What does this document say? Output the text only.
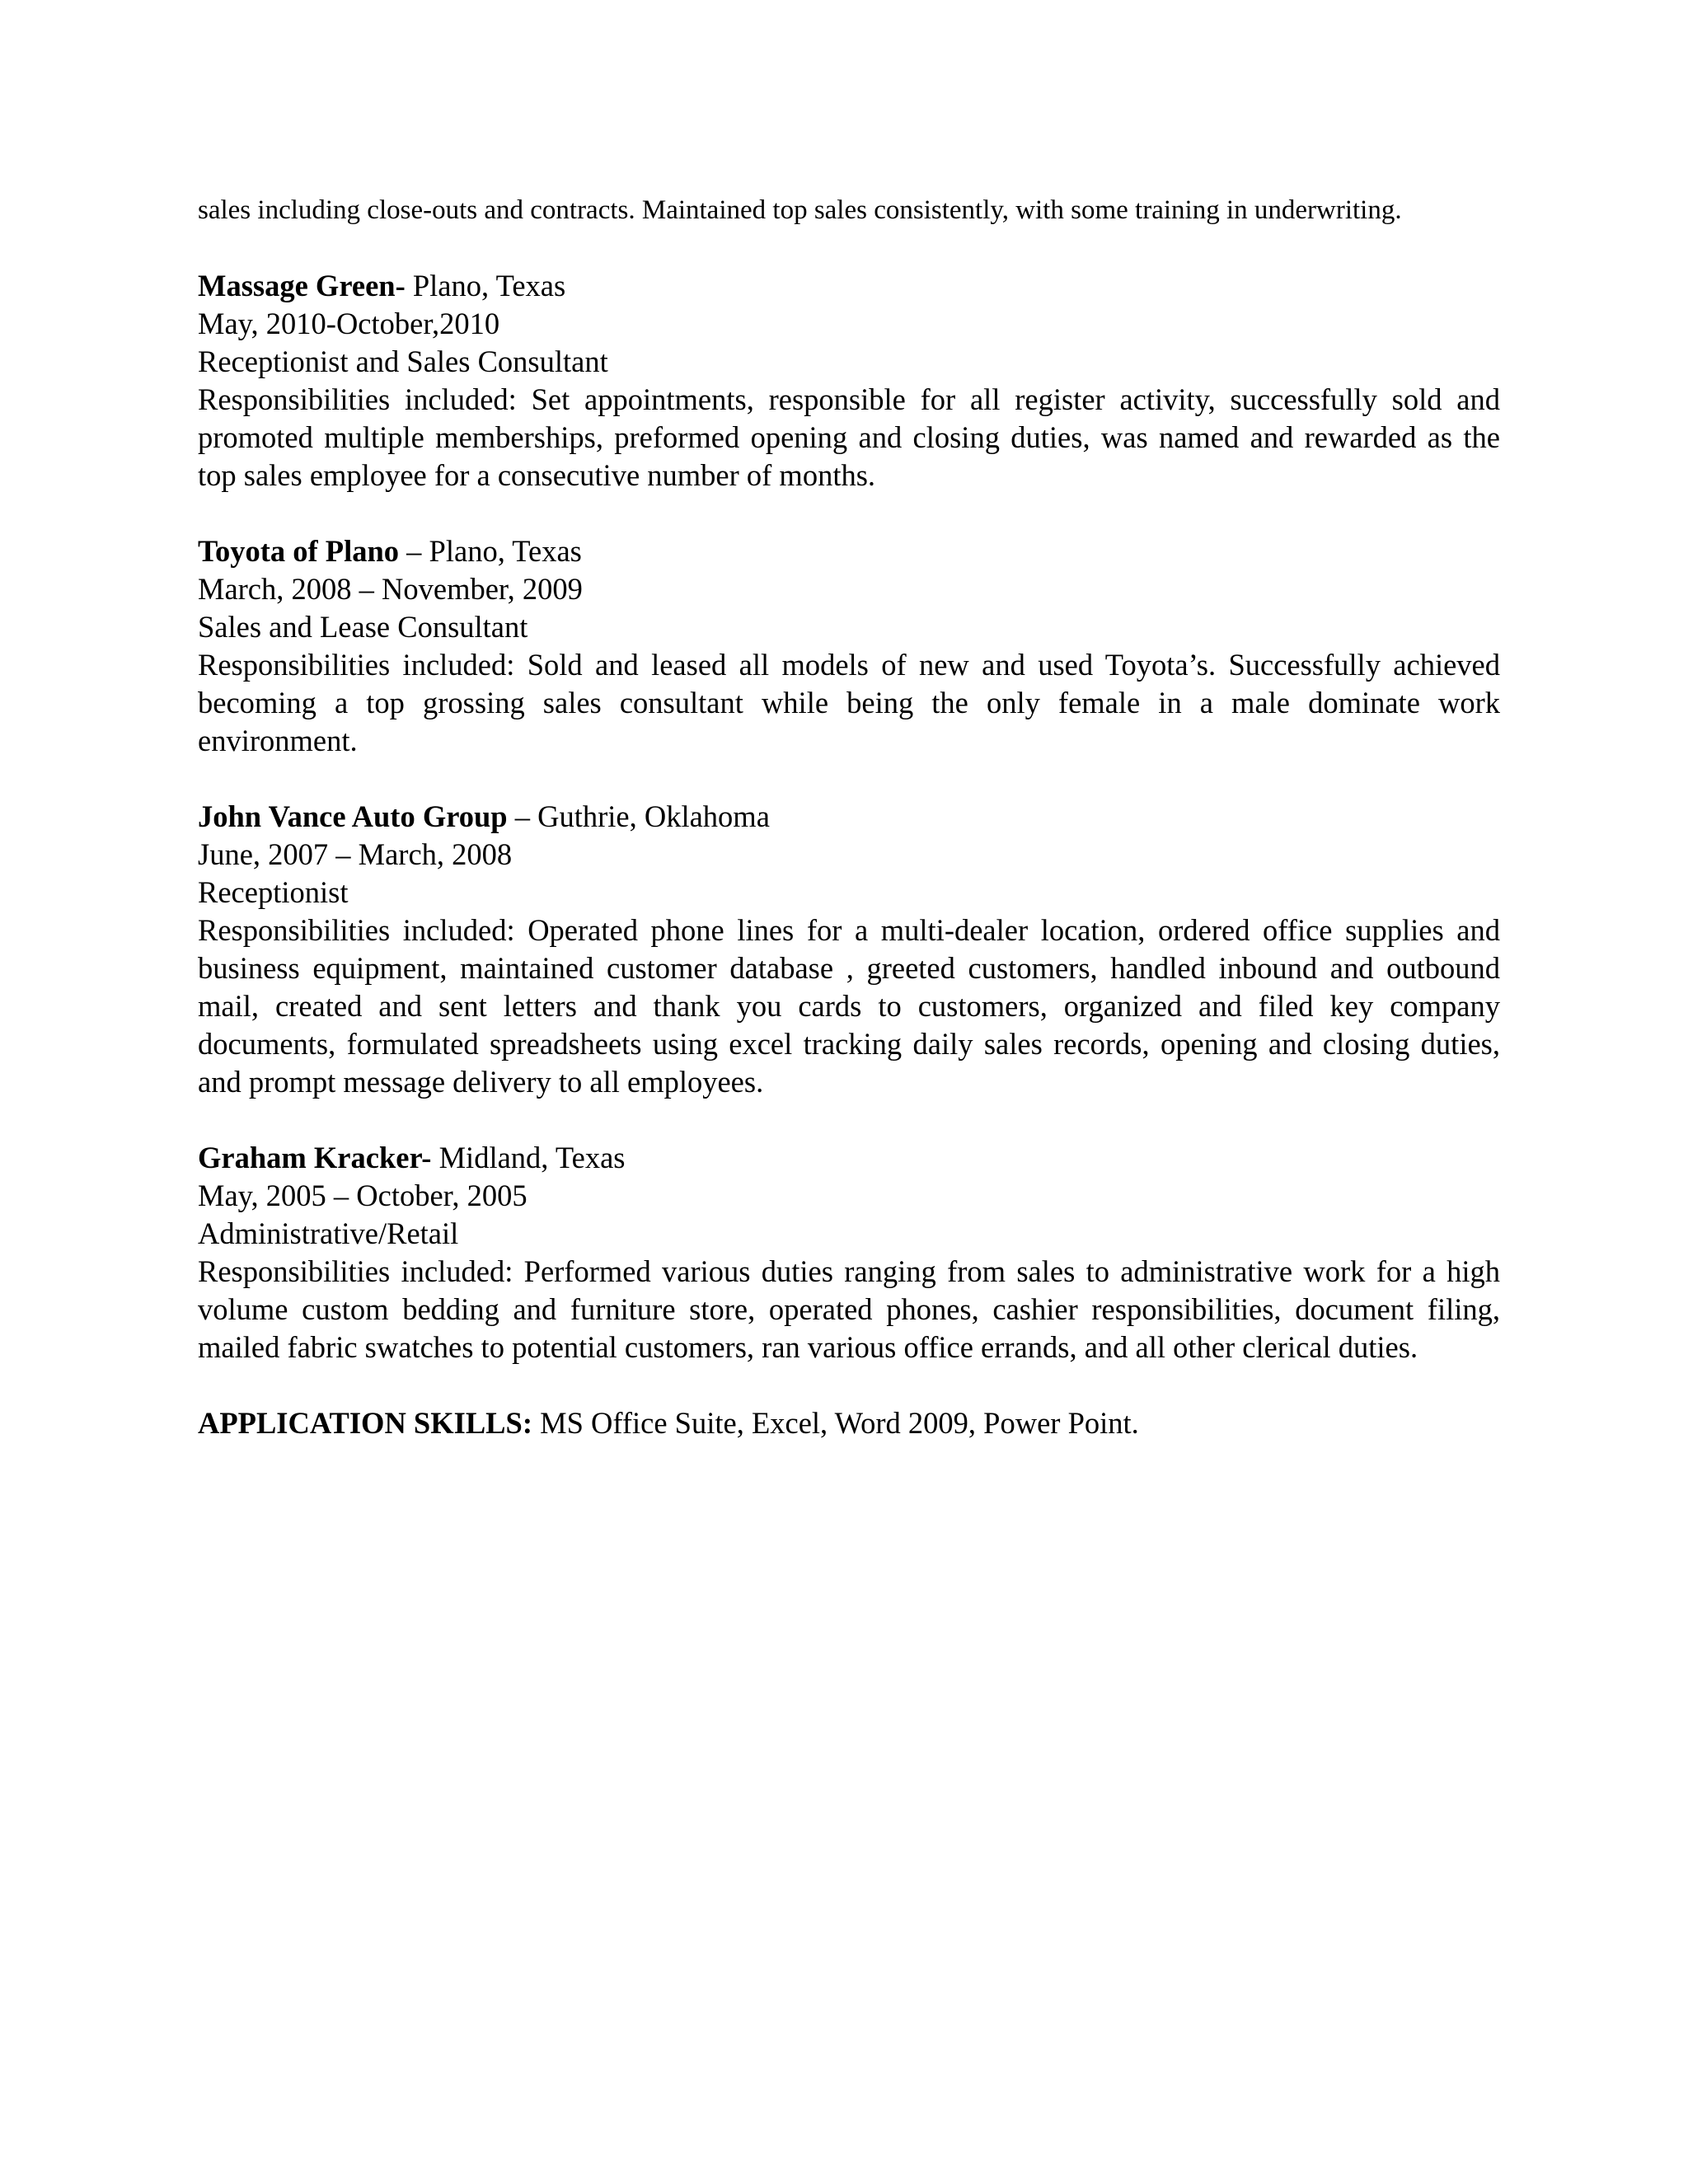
sales including close-outs and contracts. Maintained top sales consistently, with some training in underwriting.

Massage Green- Plano, Texas

May, 2010-October,2010

Receptionist and Sales Consultant

Responsibilities included: Set appointments, responsible for all register activity, successfully sold and promoted multiple memberships, preformed opening and closing duties, was named and rewarded as the top sales employee for a consecutive number of months.

Toyota of Plano – Plano, Texas

March, 2008 – November, 2009

Sales and Lease Consultant

Responsibilities included: Sold and leased all models of new and used Toyota’s. Successfully achieved becoming a top grossing sales consultant while being the only female in a male dominate work environment.

John Vance Auto Group – Guthrie, Oklahoma

June, 2007 – March, 2008

Receptionist

Responsibilities included: Operated phone lines for a multi-dealer location, ordered office supplies and business equipment, maintained customer database , greeted customers, handled inbound and outbound mail, created and sent letters and thank you cards to customers, organized and filed key company documents, formulated spreadsheets using excel tracking daily sales records, opening and closing duties, and prompt message delivery to all employees.

Graham Kracker- Midland, Texas

May, 2005 – October, 2005

Administrative/Retail

Responsibilities included: Performed various duties ranging from sales to administrative work for a high volume custom bedding and furniture store, operated phones, cashier responsibilities, document filing, mailed fabric swatches to potential customers, ran various office errands, and all other clerical duties.

APPLICATION SKILLS: MS Office Suite, Excel, Word 2009, Power Point.
